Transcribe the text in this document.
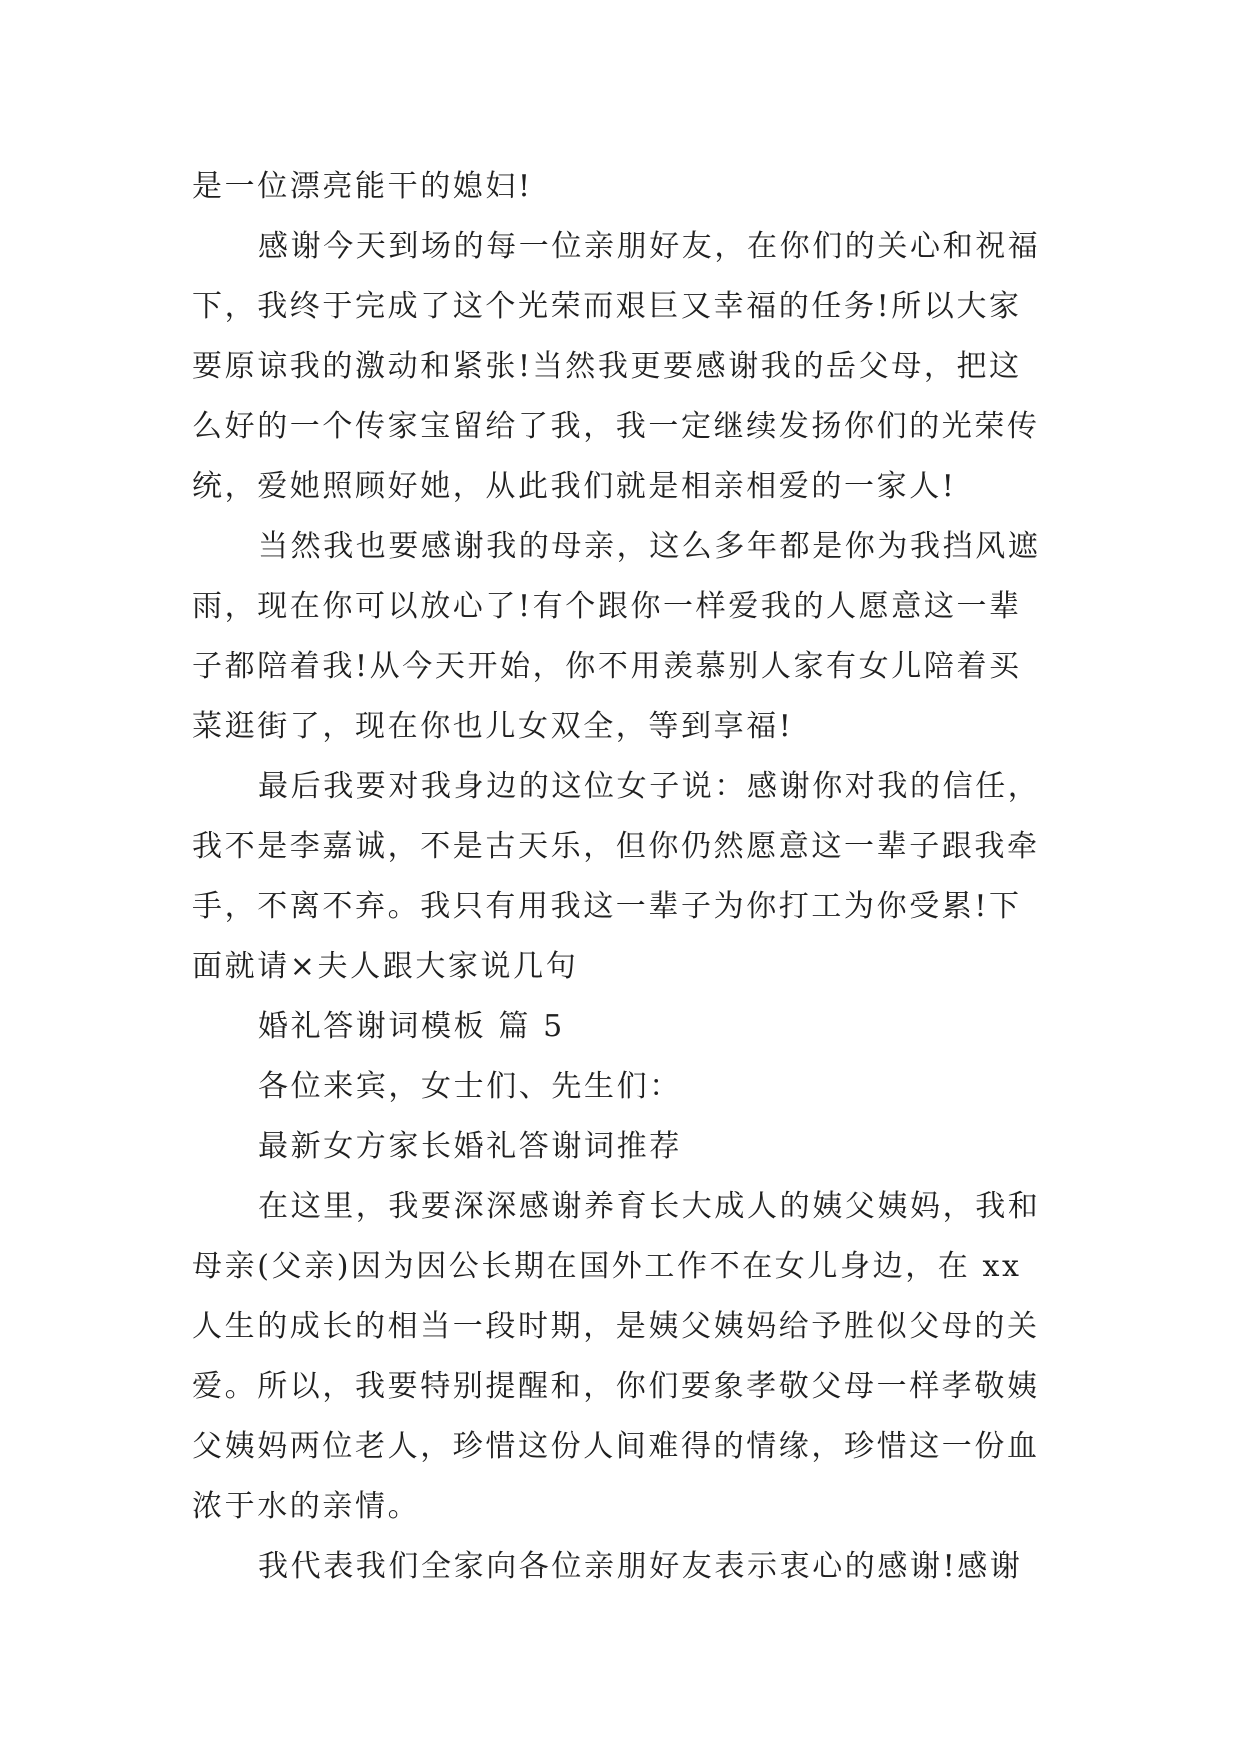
是一位漂亮能干的媳妇!
感谢今天到场的每一位亲朋好友，在你们的关心和祝福
下，我终于完成了这个光荣而艰巨又幸福的任务!所以大家
要原谅我的激动和紧张!当然我更要感谢我的岳父母，把这
么好的一个传家宝留给了我，我一定继续发扬你们的光荣传
统，爱她照顾好她，从此我们就是相亲相爱的一家人!
当然我也要感谢我的母亲，这么多年都是你为我挡风遮
雨，现在你可以放心了!有个跟你一样爱我的人愿意这一辈
子都陪着我!从今天开始，你不用羡慕别人家有女儿陪着买
菜逛街了，现在你也儿女双全，等到享福!
最后我要对我身边的这位女子说：感谢你对我的信任，
我不是李嘉诚，不是古天乐，但你仍然愿意这一辈子跟我牵
手，不离不弃。我只有用我这一辈子为你打工为你受累!下
面就请×夫人跟大家说几句
婚礼答谢词模板 篇 5
各位来宾，女士们、先生们：
最新女方家长婚礼答谢词推荐
在这里，我要深深感谢养育长大成人的姨父姨妈，我和
母亲(父亲)因为因公长期在国外工作不在女儿身边，在 xx
人生的成长的相当一段时期，是姨父姨妈给予胜似父母的关
爱。所以，我要特别提醒和，你们要象孝敬父母一样孝敬姨
父姨妈两位老人，珍惜这份人间难得的情缘，珍惜这一份血
浓于水的亲情。
我代表我们全家向各位亲朋好友表示衷心的感谢!感谢
